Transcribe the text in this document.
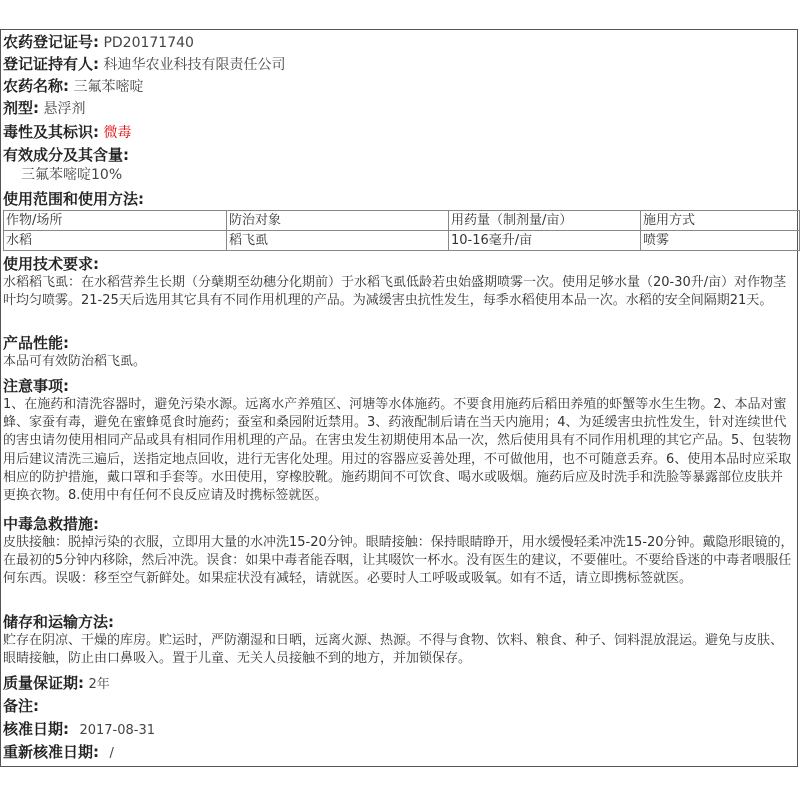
农药登记证号: PD20171740
登记证持有人: 科迪华农业科技有限责任公司
农药名称: 三氟苯嘧啶
剂型: 悬浮剂
毒性及其标识: 微毒
有效成分及其含量:
三氟苯嘧啶10%
使用范围和使用方法:
作物/场所	防治对象	用药量（制剂量/亩）	施用方式
水稻	稻飞虱	10-16毫升/亩	喷雾
使用技术要求:
水稻稻飞虱：在水稻营养生长期（分蘖期至幼穗分化期前）于水稻飞虱低龄若虫始盛期喷雾一次。使用足够水量（20-30升/亩）对作物茎叶均匀喷雾。21-25天后选用其它具有不同作用机理的产品。为减缓害虫抗性发生，每季水稻使用本品一次。水稻的安全间隔期21天。
产品性能:
本品可有效防治稻飞虱。
注意事项:
1、在施药和清洗容器时，避免污染水源。远离水产养殖区、河塘等水体施药。不要食用施药后稻田养殖的虾蟹等水生生物。2、本品对蜜蜂、家蚕有毒，避免在蜜蜂觅食时施药；蚕室和桑园附近禁用。3、药液配制后请在当天内施用；4、为延缓害虫抗性发生，针对连续世代的害虫请勿使用相同产品或具有相同作用机理的产品。在害虫发生初期使用本品一次，然后使用具有不同作用机理的其它产品。5、包装物用后建议清洗三遍后，送指定地点回收，进行无害化处理。用过的容器应妥善处理，不可做他用，也不可随意丢弃。6、使用本品时应采取相应的防护措施，戴口罩和手套等。水田使用，穿橡胶靴。施药期间不可饮食、喝水或吸烟。施药后应及时洗手和洗脸等暴露部位皮肤并更换衣物。8.使用中有任何不良反应请及时携标签就医。
中毒急救措施:
皮肤接触：脱掉污染的衣服，立即用大量的水冲洗15-20分钟。眼睛接触：保持眼睛睁开，用水缓慢轻柔冲洗15-20分钟。戴隐形眼镜的，在最初的5分钟内移除，然后冲洗。误食：如果中毒者能吞咽，让其啜饮一杯水。没有医生的建议，不要催吐。不要给昏迷的中毒者喂服任何东西。误吸：移至空气新鲜处。如果症状没有减轻，请就医。必要时人工呼吸或吸氧。如有不适，请立即携标签就医。
储存和运输方法:
贮存在阴凉、干燥的库房。贮运时，严防潮湿和日晒，远离火源、热源。不得与食物、饮料、粮食、种子、饲料混放混运。避免与皮肤、眼睛接触，防止由口鼻吸入。置于儿童、无关人员接触不到的地方，并加锁保存。
质量保证期: 2年
备注:
核准日期: 2017-08-31
重新核准日期: /
